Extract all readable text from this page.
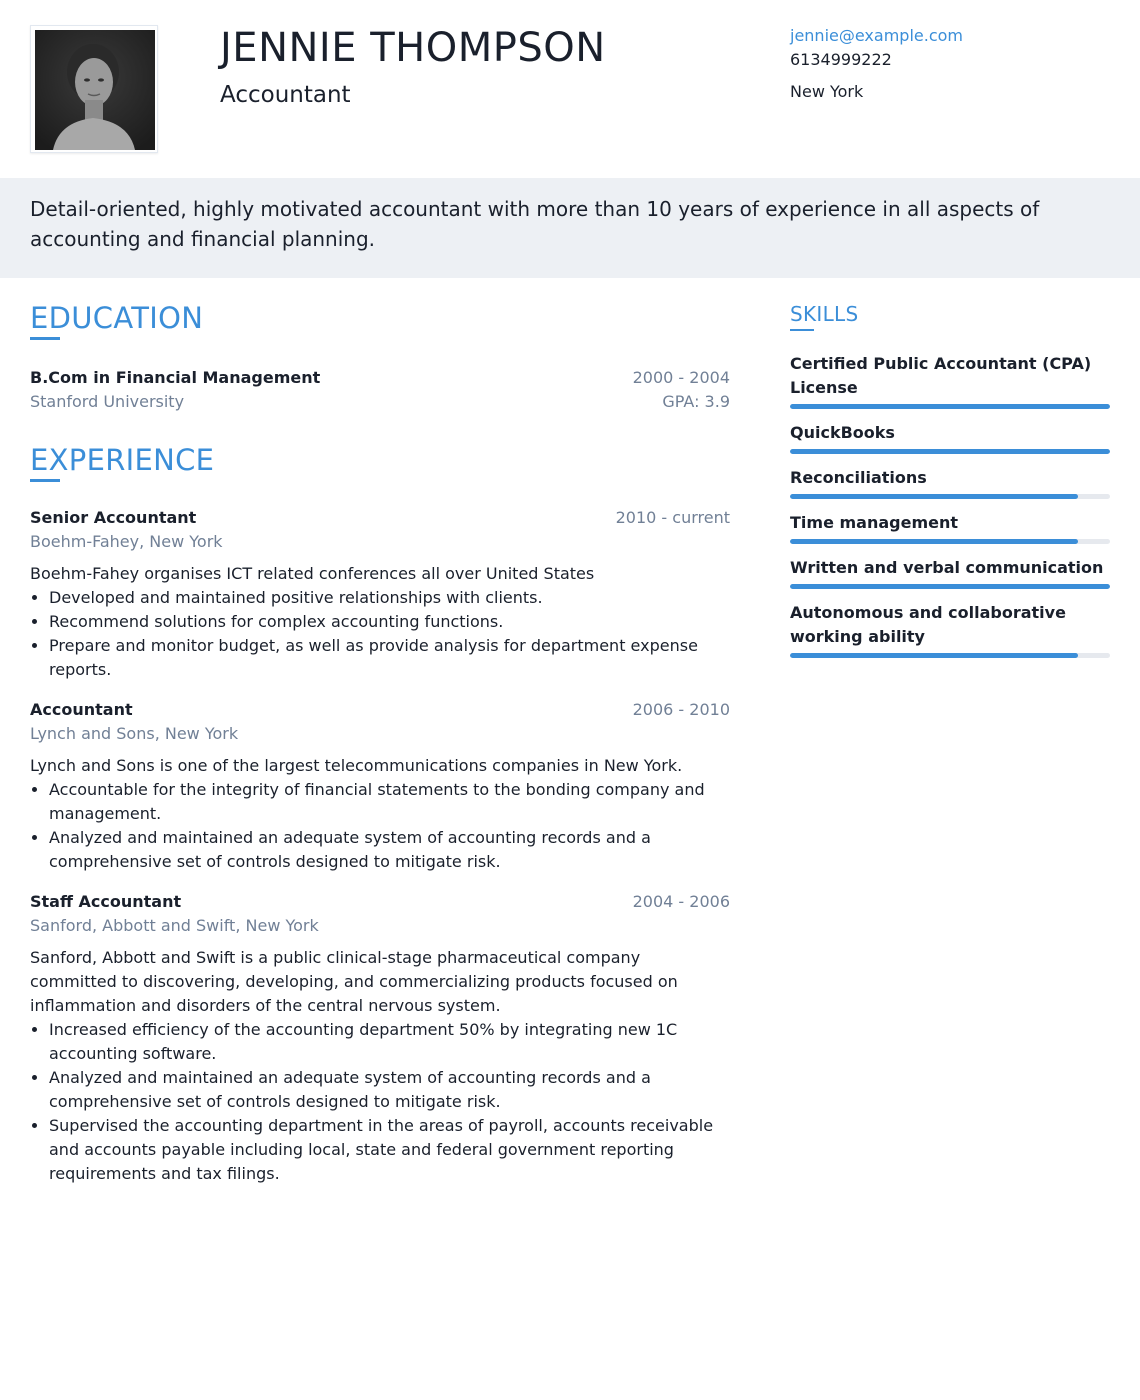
JENNIE THOMPSON
Accountant
jennie@example.com
6134999222
New York
Detail-oriented, highly motivated accountant with more than 10 years of experience in all aspects of accounting and financial planning.
EDUCATION
B.Com in Financial Management	2000 - 2004
Stanford University	GPA: 3.9
EXPERIENCE
Senior Accountant	2010 - current
Boehm-Fahey, New York
Boehm-Fahey organises ICT related conferences all over United States
• Developed and maintained positive relationships with clients.
• Recommend solutions for complex accounting functions.
• Prepare and monitor budget, as well as provide analysis for department expense reports.
Accountant	2006 - 2010
Lynch and Sons, New York
Lynch and Sons is one of the largest telecommunications companies in New York.
• Accountable for the integrity of financial statements to the bonding company and management.
• Analyzed and maintained an adequate system of accounting records and a comprehensive set of controls designed to mitigate risk.
Staff Accountant	2004 - 2006
Sanford, Abbott and Swift, New York
Sanford, Abbott and Swift is a public clinical-stage pharmaceutical company committed to discovering, developing, and commercializing products focused on inflammation and disorders of the central nervous system.
• Increased efficiency of the accounting department 50% by integrating new 1C accounting software.
• Analyzed and maintained an adequate system of accounting records and a comprehensive set of controls designed to mitigate risk.
• Supervised the accounting department in the areas of payroll, accounts receivable and accounts payable including local, state and federal government reporting requirements and tax filings.
SKILLS
Certified Public Accountant (CPA) License
QuickBooks
Reconciliations
Time management
Written and verbal communication
Autonomous and collaborative working ability
